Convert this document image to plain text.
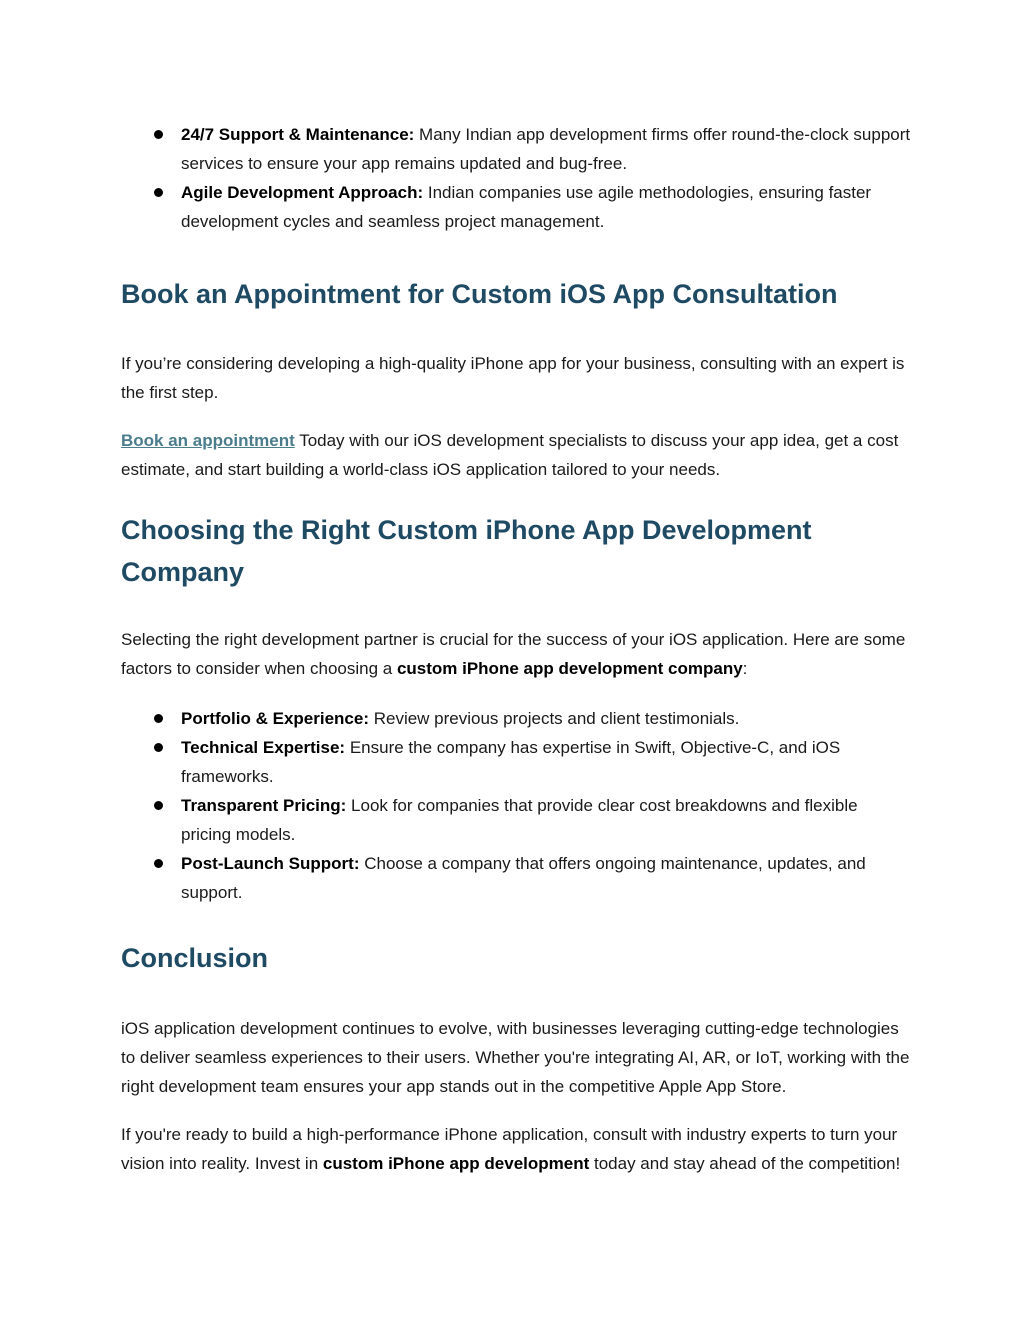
24/7 Support & Maintenance: Many Indian app development firms offer round-the-clock support services to ensure your app remains updated and bug-free.
Agile Development Approach: Indian companies use agile methodologies, ensuring faster development cycles and seamless project management.
Book an Appointment for Custom iOS App Consultation

If you’re considering developing a high-quality iPhone app for your business, consulting with an expert is the first step.

Book an appointment Today with our iOS development specialists to discuss your app idea, get a cost estimate, and start building a world-class iOS application tailored to your needs.

Choosing the Right Custom iPhone App Development Company

Selecting the right development partner is crucial for the success of your iOS application. Here are some factors to consider when choosing a custom iPhone app development company:

Portfolio & Experience: Review previous projects and client testimonials.
Technical Expertise: Ensure the company has expertise in Swift, Objective-C, and iOS frameworks.
Transparent Pricing: Look for companies that provide clear cost breakdowns and flexible pricing models.
Post-Launch Support: Choose a company that offers ongoing maintenance, updates, and support.
Conclusion

iOS application development continues to evolve, with businesses leveraging cutting-edge technologies to deliver seamless experiences to their users. Whether you're integrating AI, AR, or IoT, working with the right development team ensures your app stands out in the competitive Apple App Store.

If you're ready to build a high-performance iPhone application, consult with industry experts to turn your vision into reality. Invest in custom iPhone app development today and stay ahead of the competition!
